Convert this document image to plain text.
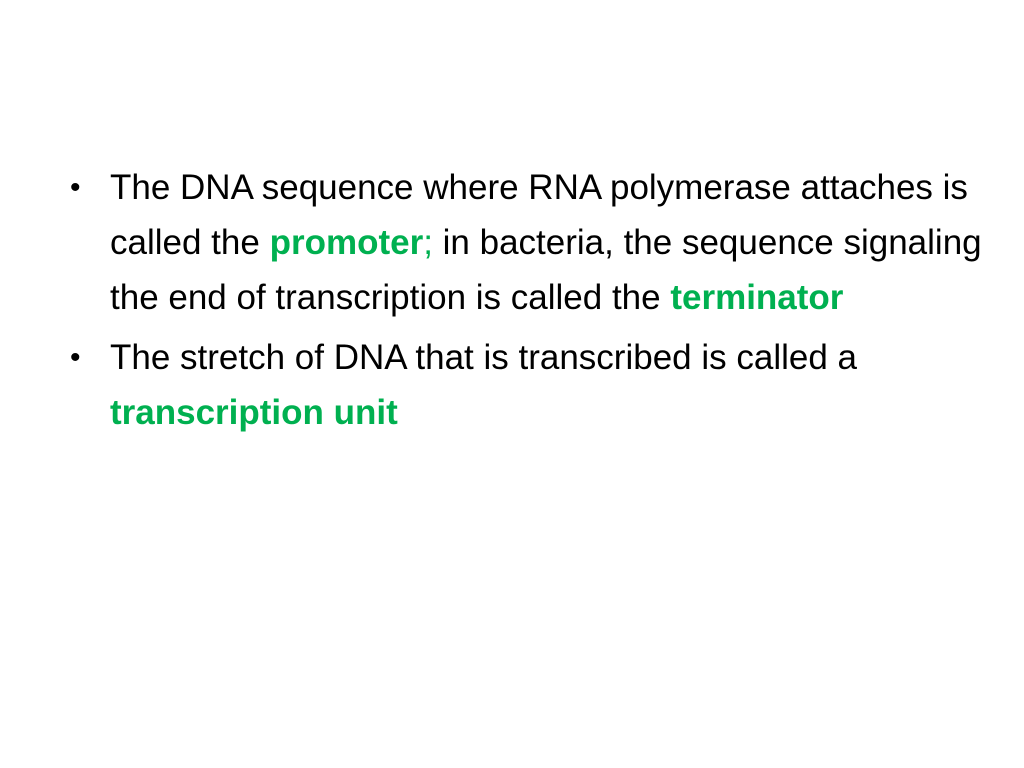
• The DNA sequence where RNA polymerase attaches is called the promoter; in bacteria, the sequence signaling the end of transcription is called the terminator
• The stretch of DNA that is transcribed is called a transcription unit
